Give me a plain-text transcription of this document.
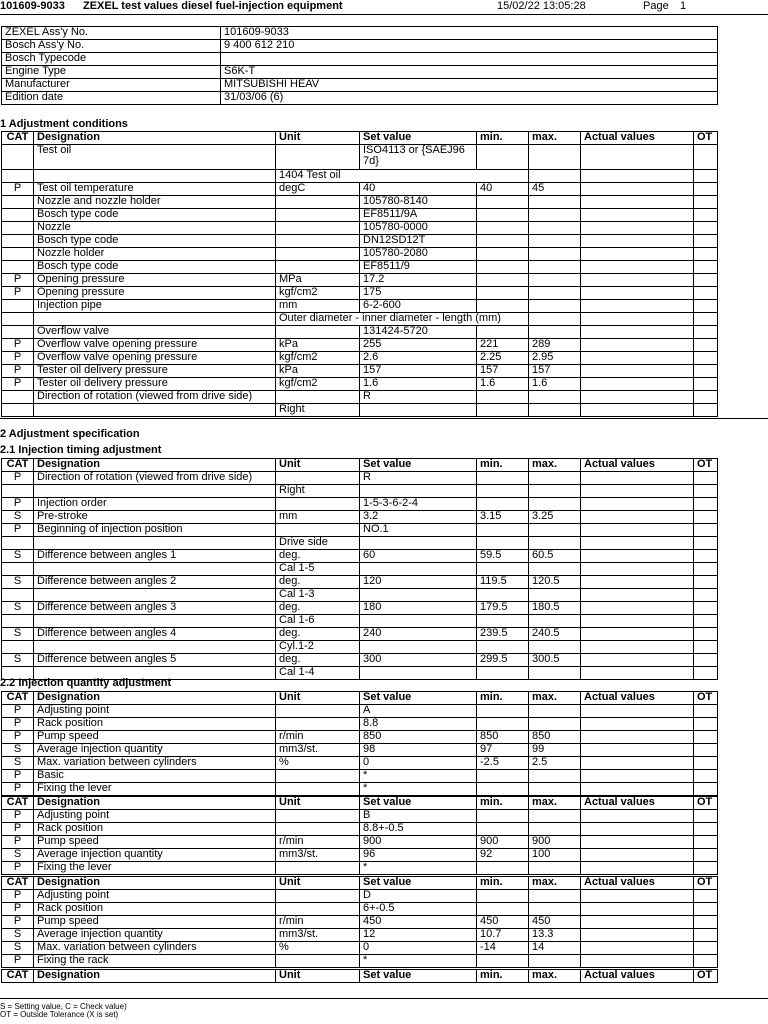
101609-9033 ZEXEL test values diesel fuel-injection equipment	15/02/22 13:05:28	Page 1
ZEXEL Ass'y No.	101609-9033
Bosch Ass'y No.	9 400 612 210
Bosch Typecode	
Engine Type	S6K-T
Manufacturer	MITSUBISHI HEAV
Edition date	31/03/06 (6)
1 Adjustment conditions
CAT	Designation	Unit	Set value	min.	max.	Actual values	OT
	Test oil		ISO4113 or {SAEJ96 7d}				
		1404 Test oil					
P	Test oil temperature	degC	40	40	45		
	Nozzle and nozzle holder		105780-8140				
	Bosch type code		EF8511/9A				
	Nozzle		105780-0000				
	Bosch type code		DN12SD12T				
	Nozzle holder		105780-2080				
	Bosch type code		EF8511/9				
P	Opening pressure	MPa	17.2				
P	Opening pressure	kgf/cm2	175				
	Injection pipe	mm	6-2-600				
		Outer diameter - inner diameter - length (mm)					
	Overflow valve		131424-5720				
P	Overflow valve opening pressure	kPa	255	221	289		
P	Overflow valve opening pressure	kgf/cm2	2.6	2.25	2.95		
P	Tester oil delivery pressure	kPa	157	157	157		
P	Tester oil delivery pressure	kgf/cm2	1.6	1.6	1.6		
	Direction of rotation (viewed from drive side)		R				
		Right					
2 Adjustment specification
2.1 Injection timing adjustment
CAT	Designation	Unit	Set value	min.	max.	Actual values	OT
P	Direction of rotation (viewed from drive side)		R				
		Right					
P	Injection order		1-5-3-6-2-4				
S	Pre-stroke	mm	3.2	3.15	3.25		
P	Beginning of injection position		NO.1				
		Drive side					
S	Difference between angles 1	deg.	60	59.5	60.5		
		Cal 1-5					
S	Difference between angles 2	deg.	120	119.5	120.5		
		Cal 1-3					
S	Difference between angles 3	deg.	180	179.5	180.5		
		Cal 1-6					
S	Difference between angles 4	deg.	240	239.5	240.5		
		Cyl.1-2					
S	Difference between angles 5	deg.	300	299.5	300.5		
		Cal 1-4					
2.2 Injection quantity adjustment
CAT	Designation	Unit	Set value	min.	max.	Actual values	OT
P	Adjusting point		A				
P	Rack position		8.8				
P	Pump speed	r/min	850	850	850		
S	Average injection quantity	mm3/st.	98	97	99		
S	Max. variation between cylinders	%	0	-2.5	2.5		
P	Basic		*				
P	Fixing the lever		*				
CAT	Designation	Unit	Set value	min.	max.	Actual values	OT
P	Adjusting point		B				
P	Rack position		8.8+-0.5				
P	Pump speed	r/min	900	900	900		
S	Average injection quantity	mm3/st.	96	92	100		
P	Fixing the lever		*				
CAT	Designation	Unit	Set value	min.	max.	Actual values	OT
P	Adjusting point		D				
P	Rack position		6+-0.5				
P	Pump speed	r/min	450	450	450		
S	Average injection quantity	mm3/st.	12	10.7	13.3		
S	Max. variation between cylinders	%	0	-14	14		
P	Fixing the rack		*				
CAT	Designation	Unit	Set value	min.	max.	Actual values	OT
S = Setting value, C = Check value)
OT = Outside Tolerance (X is set)
